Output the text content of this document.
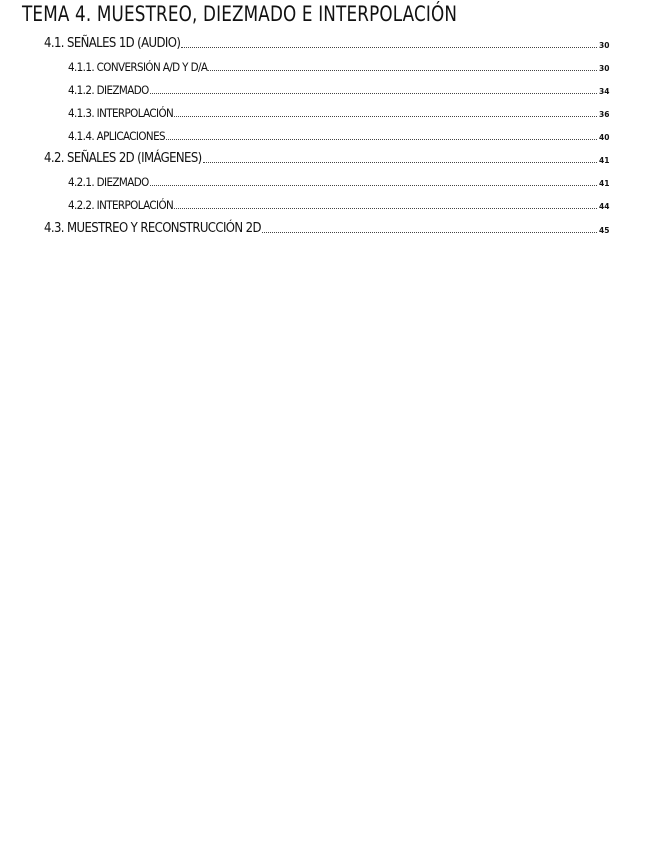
TEMA 4. MUESTREO, DIEZMADO E INTERPOLACIÓN
4.1. SEÑALES 1D (AUDIO)	30
4.1.1. CONVERSIÓN A/D Y D/A	30
4.1.2. DIEZMADO	34
4.1.3. INTERPOLACIÓN	36
4.1.4. APLICACIONES	40
4.2. SEÑALES 2D (IMÁGENES)	41
4.2.1. DIEZMADO	41
4.2.2. INTERPOLACIÓN	44
4.3. MUESTREO Y RECONSTRUCCIÓN 2D	45
